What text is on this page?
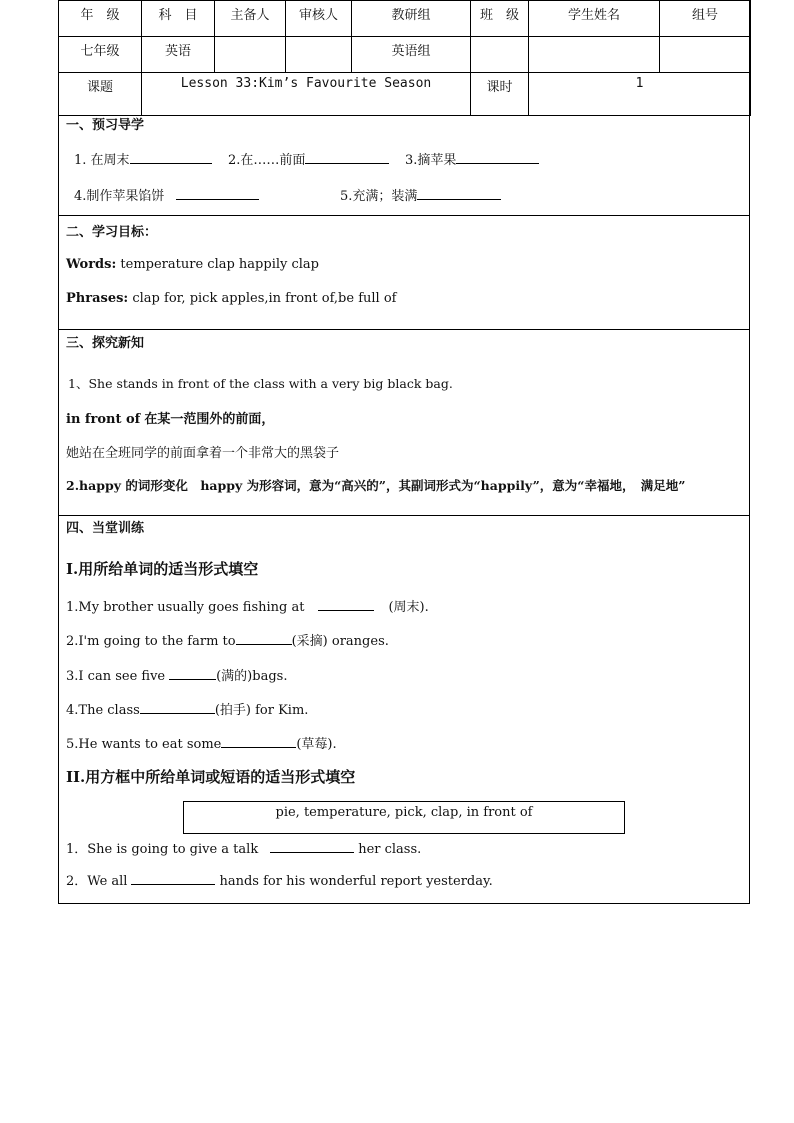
年　级	科　目	主备人	审核人	教研组	班　级	学生姓名	组号
七年级	英语			英语组			
课题	Lesson 33:Kim’s Favourite Season				课时	1	
一、预习导学
1. 在周末	2.在……前面	3.摘苹果
4.制作苹果馅饼	5.充满；装满
二、学习目标：
Words: temperature clap happily clap
Phrases: clap for, pick apples,in front of,be full of
三、探究新知
1、She stands in front of the class with a very big black bag.
in front of 在某一范围外的前面，
她站在全班同学的前面拿着一个非常大的黑袋子
2.happy 的词形变化　happy 为形容词，意为“高兴的”，其副词形式为“happily”，意为“幸福地，　满足地”
四、当堂训练
I.用所给单词的适当形式填空
1.My brother usually goes fishing at	(周末).
2.I'm going to the farm to	(采摘) oranges.
3.I can see five	(满的)bags.
4.The class	(拍手) for Kim.
5.He wants to eat some	(草莓).
II.用方框中所给单词或短语的适当形式填空
pie, temperature, pick, clap, in front of
1．She is going to give a talk	her class.
2．We all	hands for his wonderful report yesterday.
